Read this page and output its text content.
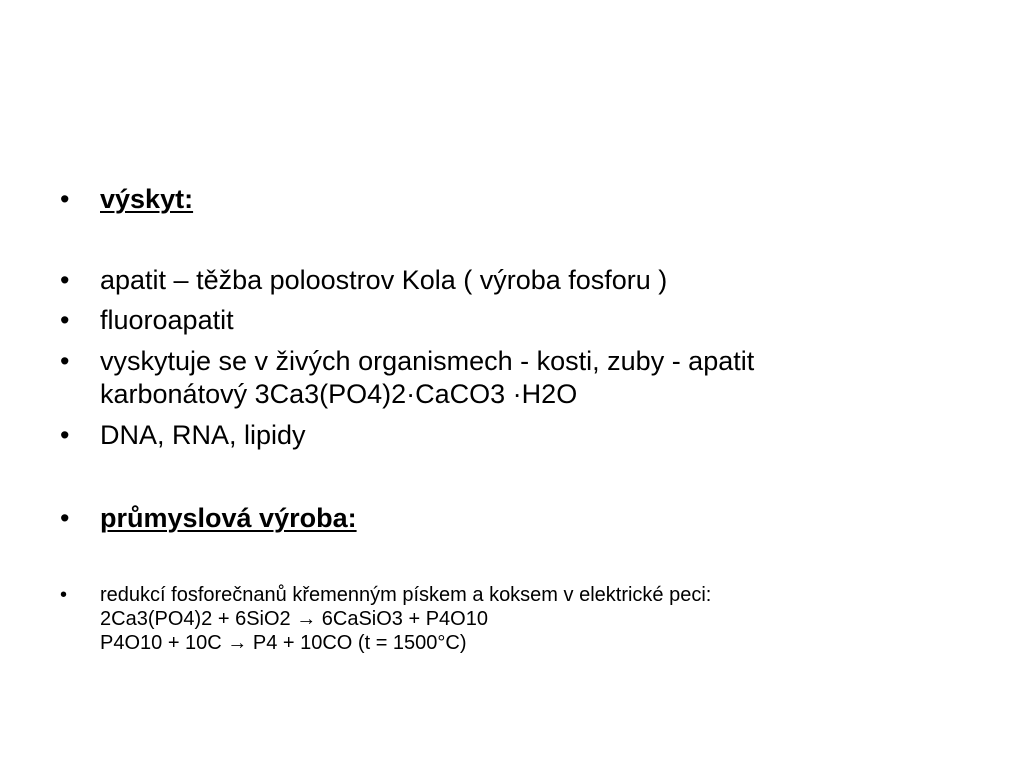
•	výskyt:
•	apatit – těžba poloostrov Kola ( výroba fosforu )
•	fluoroapatit
•	vyskytuje se v živých organismech - kosti, zuby - apatit
karbonátový 3Ca3(PO4)2·CaCO3 ·H2O
•	DNA, RNA, lipidy
•	průmyslová výroba:
•	redukcí fosforečnanů křemenným pískem a koksem v elektrické peci:
2Ca3(PO4)2 + 6SiO2 → 6CaSiO3 + P4O10
P4O10 + 10C → P4 + 10CO (t = 1500°C)
